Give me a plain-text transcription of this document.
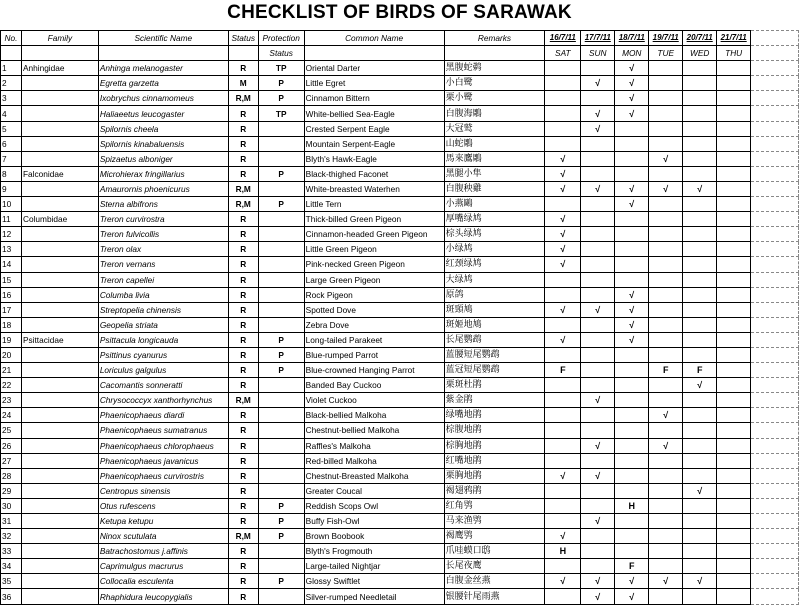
CHECKLIST OF BIRDS OF SARAWAK
No.	Family	Scientific Name	Status	Protection	Common Name	Remarks	16/7/11	17/7/11	18/7/11	19/7/11	20/7/11	21/7/11	
				Status			SAT	SUN	MON	TUE	WED	THU	
1	Anhingidae	Anhinga melanogaster	R	TP	Oriental Darter	黑腹蛇鹈			√				
2		Egretta garzetta	M	P	Little Egret	小白鹭		√	√				
3		Ixobrychus cinnamomeus	R,M	P	Cinnamon Bittern	栗小鹭			√				
4		Haliaeetus leucogaster	R	TP	White-bellied Sea-Eagle	白腹海鵰		√	√				
5		Spilornis cheela	R		Crested Serpent Eagle	大冠鹫		√					
6		Spilornis kinabaluensis	R		Mountain Serpent-Eagle	山蛇鵰							
7		Spizaetus alboniger	R		Blyth's Hawk-Eagle	馬來鷹鵰	√			√			
8	Falconidae	Microhierax fringillarius	R	P	Black-thighed Faconet	黑腿小隼	√						
9		Amaurornis phoenicurus	R,M		White-breasted Waterhen	白腹秧雞	√	√	√	√	√		
10		Sterna albifrons	R,M	P	Little Tern	小燕鷗			√				
11	Columbidae	Treron curvirostra	R		Thick-billed Green Pigeon	厚嘴绿鸠	√						
12		Treron fulvicollis	R		Cinnamon-headed Green Pigeon	棕头绿鸠	√						
13		Treron olax	R		Little Green Pigeon	小绿鸠	√						
14		Treron vernans	R		Pink-necked Green Pigeon	红颈绿鸠	√						
15		Treron capellei	R		Large Green Pigeon	大绿鸠							
16		Columba livia	R		Rock Pigeon	原鸽			√				
17		Streptopelia chinensis	R		Spotted Dove	斑頸鳩	√	√	√				
18		Geopelia striata	R		Zebra Dove	斑姬地鳩			√				
19	Psittacidae	Psittacula longicauda	R	P	Long-tailed Parakeet	长尾鹦鹉	√		√				
20		Psittinus cyanurus	R	P	Blue-rumped Parrot	蓝腰短尾鹦鹉							
21		Loriculus galgulus	R	P	Blue-crowned Hanging Parrot	蓝冠短尾鹦鹉	F			F	F		
22		Cacomantis sonneratti	R		Banded Bay Cuckoo	栗斑杜鹃					√		
23		Chrysococcyx xanthorhynchus	R,M		Violet Cuckoo	紫金鹃		√					
24		Phaenicophaeus diardi	R		Black-bellied Malkoha	绿嘴地鹃				√			
25		Phaenicophaeus sumatranus	R		Chestnut-bellied Malkoha	棕腹地鹃							
26		Phaenicophaeus chlorophaeus	R		Raffles's Malkoha	棕胸地鹃		√		√			
27		Phaenicophaeus javanicus	R		Red-billed Malkoha	红嘴地鹃							
28		Phaenicophaeus curvirostris	R		Chestnut-Breasted Malkoha	栗胸地鹃	√	√					
29		Centropus sinensis	R		Greater Coucal	褐翅鸦鹃					√		
30		Otus rufescens	R	P	Reddish Scops Owl	红角鸮			H				
31		Ketupa ketupu	R	P	Buffy Fish-Owl	马来渔鸮		√					
32		Ninox scutulata	R,M	P	Brown Boobook	褐鹰鸮	√						
33		Batrachostomus j.affinis	R		Blyth's Frogmouth	爪哇蟆口鸱	H						
34		Caprimulgus macrurus	R		Large-tailed Nightjar	长尾夜鹰			F				
35		Collocalia esculenta	R	P	Glossy Swiftlet	白腹金丝燕	√	√	√	√	√		
36		Rhaphidura leucopygialis	R		Silver-rumped Needletail	银腰针尾雨燕		√	√				
